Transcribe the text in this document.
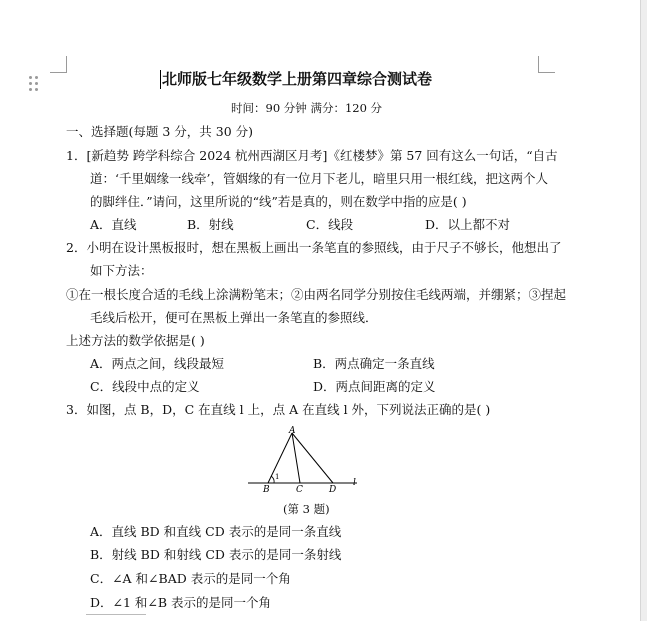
北师版七年级数学上册第四章综合测试卷
时间：90 分钟 满分：120 分
一、选择题(每题 3 分，共 30 分)
1．[新趋势 跨学科综合 2024 杭州西湖区月考]《红楼梦》第 57 回有这么一句话，“自古
道：‘千里姻缘一线牵’，管姻缘的有一位月下老儿，暗里只用一根红线，把这两个人
的脚绊住．”请问，这里所说的“线”若是真的，则在数学中指的应是( )
A．直线	B．射线	C．线段	D．以上都不对
2．小明在设计黑板报时，想在黑板上画出一条笔直的参照线，由于尺子不够长，他想出了
如下方法：
①在一根长度合适的毛线上涂满粉笔末；②由两名同学分别按住毛线两端，并绷紧；③捏起
毛线后松开，便可在黑板上弹出一条笔直的参照线．
上述方法的数学依据是( )
A．两点之间，线段最短	B．两点确定一条直线
C．线段中点的定义	D．两点间距离的定义
3．如图，点 B，D，C 在直线 l 上，点 A 在直线 l 外，下列说法正确的是( )
A
B	C	D
l
1
(第 3 题)
A．直线 BD 和直线 CD 表示的是同一条直线
B．射线 BD 和射线 CD 表示的是同一条射线
C．∠A 和∠BAD 表示的是同一个角
D．∠1 和∠B 表示的是同一个角
